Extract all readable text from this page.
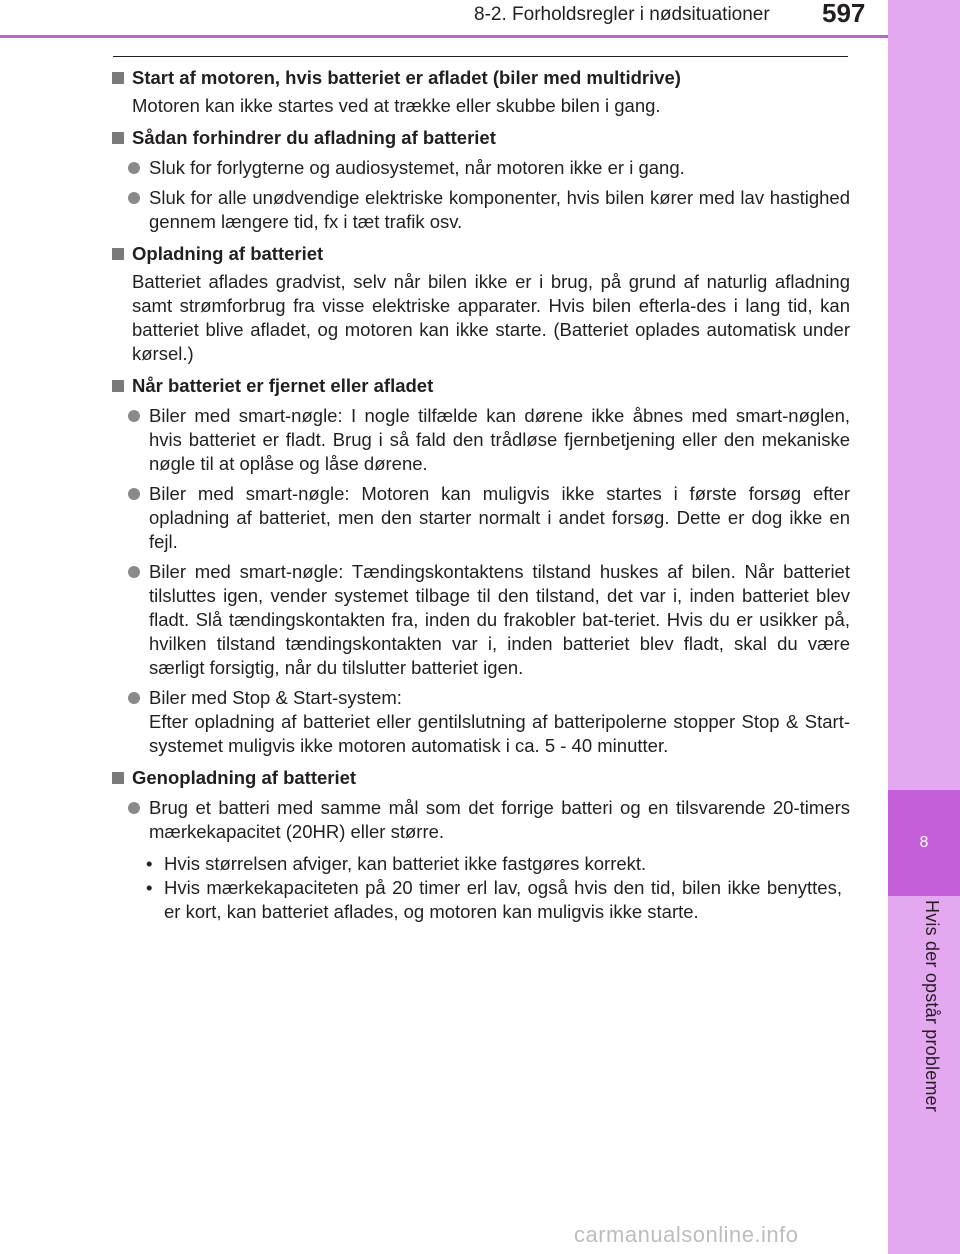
8
Hvis der opstår problemer
8-2. Forholdsregler i nødsituationer 597
Start af motoren, hvis batteriet er afladet (biler med multidrive)
Motoren kan ikke startes ved at trække eller skubbe bilen i gang.
Sådan forhindrer du afladning af batteriet
Sluk for forlygterne og audiosystemet, når motoren ikke er i gang.
Sluk for alle unødvendige elektriske komponenter, hvis bilen kører med lav hastighed gennem længere tid, fx i tæt trafik osv.
Opladning af batteriet
Batteriet aflades gradvist, selv når bilen ikke er i brug, på grund af naturlig afladning samt strømforbrug fra visse elektriske apparater. Hvis bilen efterla-des i lang tid, kan batteriet blive afladet, og motoren kan ikke starte. (Batteriet oplades automatisk under kørsel.)
Når batteriet er fjernet eller afladet
Biler med smart-nøgle: I nogle tilfælde kan dørene ikke åbnes med smart-nøglen, hvis batteriet er fladt. Brug i så fald den trådløse fjernbetjening eller den mekaniske nøgle til at oplåse og låse dørene.
Biler med smart-nøgle: Motoren kan muligvis ikke startes i første forsøg efter opladning af batteriet, men den starter normalt i andet forsøg. Dette er dog ikke en fejl.
Biler med smart-nøgle: Tændingskontaktens tilstand huskes af bilen. Når batteriet tilsluttes igen, vender systemet tilbage til den tilstand, det var i, inden batteriet blev fladt. Slå tændingskontakten fra, inden du frakobler bat-teriet. Hvis du er usikker på, hvilken tilstand tændingskontakten var i, inden batteriet blev fladt, skal du være særligt forsigtig, når du tilslutter batteriet igen.
Biler med Stop & Start-system:
Efter opladning af batteriet eller gentilslutning af batteripolerne stopper Stop & Start-systemet muligvis ikke motoren automatisk i ca. 5 - 40 minutter.
Genopladning af batteriet
Brug et batteri med samme mål som det forrige batteri og en tilsvarende 20-timers mærkekapacitet (20HR) eller større.
• Hvis størrelsen afviger, kan batteriet ikke fastgøres korrekt.
• Hvis mærkekapaciteten på 20 timer erl lav, også hvis den tid, bilen ikke benyttes, er kort, kan batteriet aflades, og motoren kan muligvis ikke starte.
carmanualsonline.info
